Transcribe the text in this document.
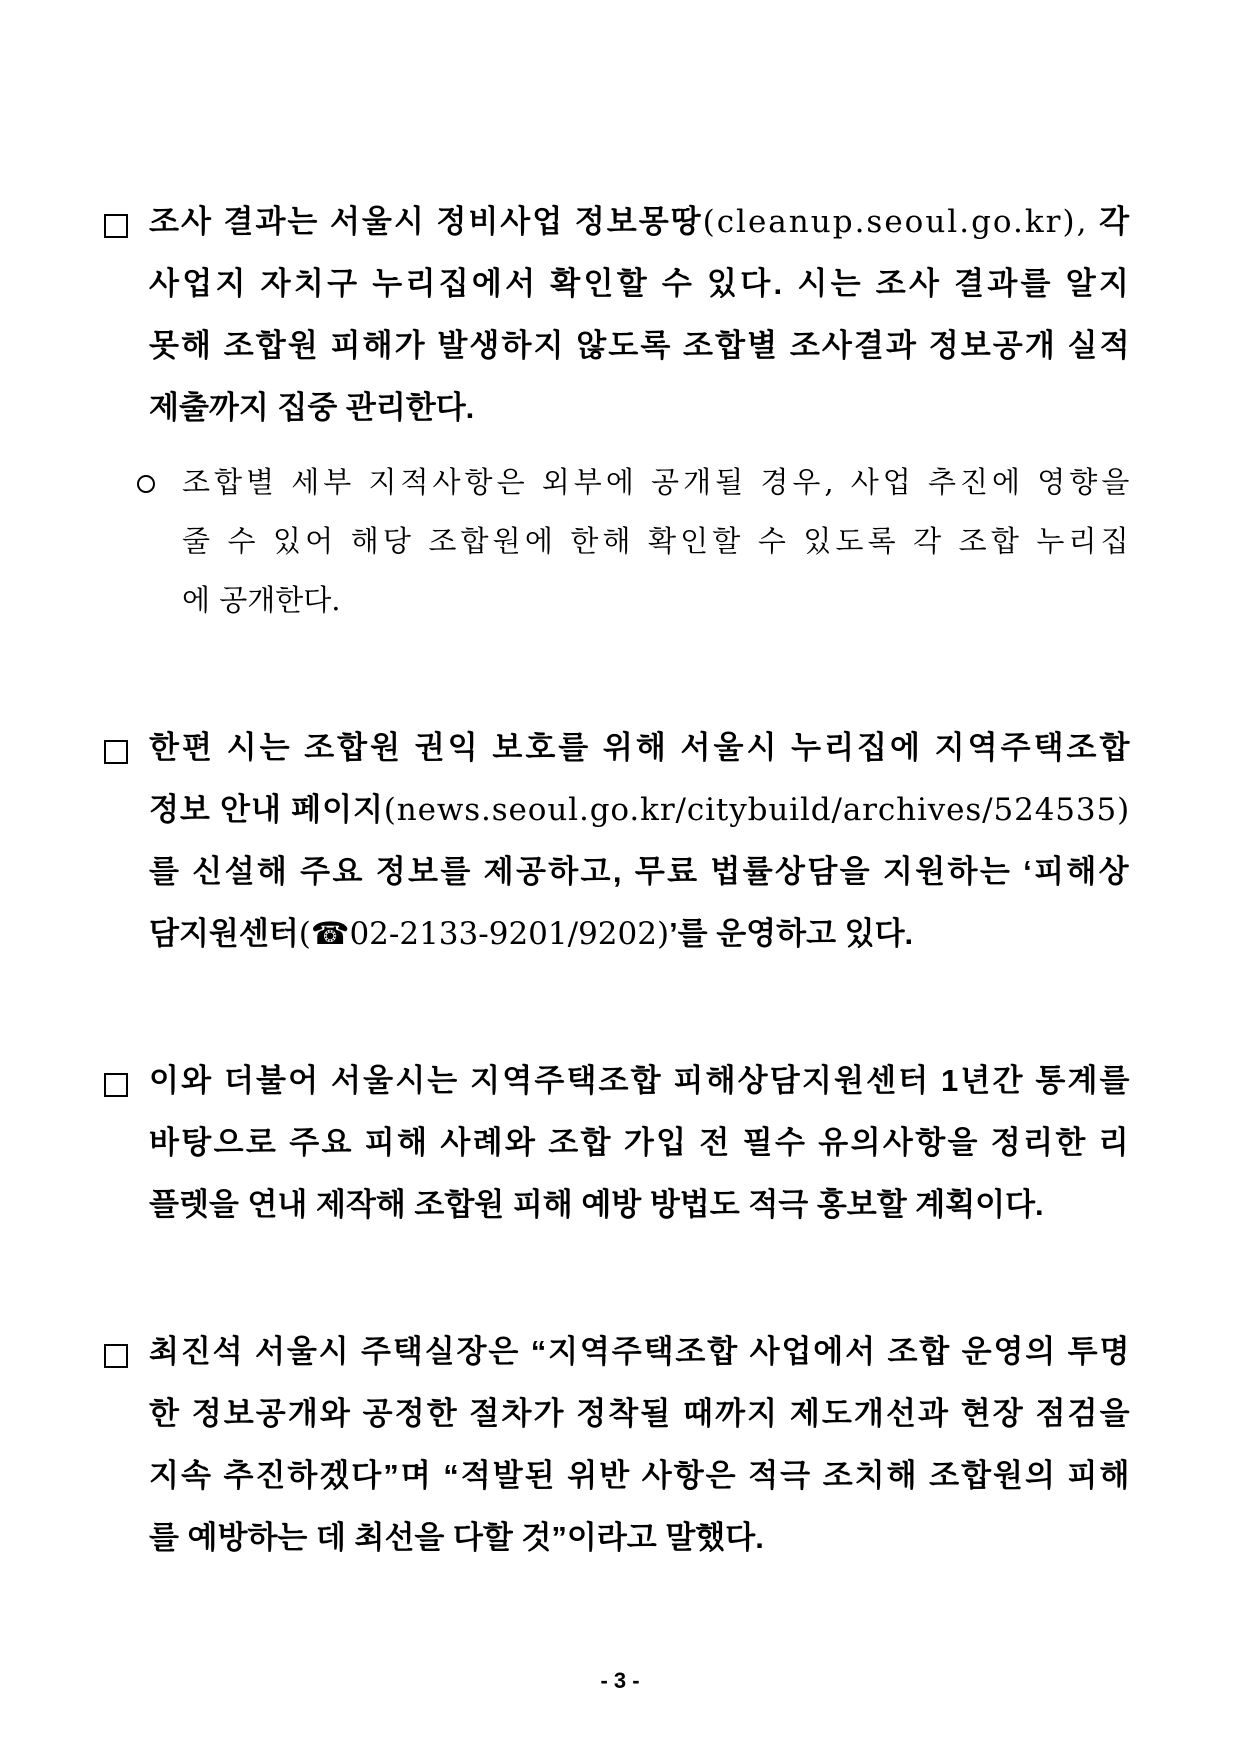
조사 결과는 서울시 정비사업 정보몽땅(cleanup.seoul.go.kr), 각
사업지 자치구 누리집에서 확인할 수 있다. 시는 조사 결과를 알지
못해 조합원 피해가 발생하지 않도록 조합별 조사결과 정보공개 실적
제출까지 집중 관리한다.
조합별 세부 지적사항은 외부에 공개될 경우, 사업 추진에 영향을
줄 수 있어 해당 조합원에 한해 확인할 수 있도록 각 조합 누리집
에 공개한다.
한편 시는 조합원 권익 보호를 위해 서울시 누리집에 지역주택조합
정보 안내 페이지(news.seoul.go.kr/citybuild/archives/524535)
를 신설해 주요 정보를 제공하고, 무료 법률상담을 지원하는 ‘피해상
담지원센터(☎02-2133-9201/9202)’를 운영하고 있다.
이와 더불어 서울시는 지역주택조합 피해상담지원센터 1년간 통계를
바탕으로 주요 피해 사례와 조합 가입 전 필수 유의사항을 정리한 리
플렛을 연내 제작해 조합원 피해 예방 방법도 적극 홍보할 계획이다.
최진석 서울시 주택실장은 “지역주택조합 사업에서 조합 운영의 투명
한 정보공개와 공정한 절차가 정착될 때까지 제도개선과 현장 점검을
지속 추진하겠다”며 “적발된 위반 사항은 적극 조치해 조합원의 피해
를 예방하는 데 최선을 다할 것”이라고 말했다.
- 3 -
